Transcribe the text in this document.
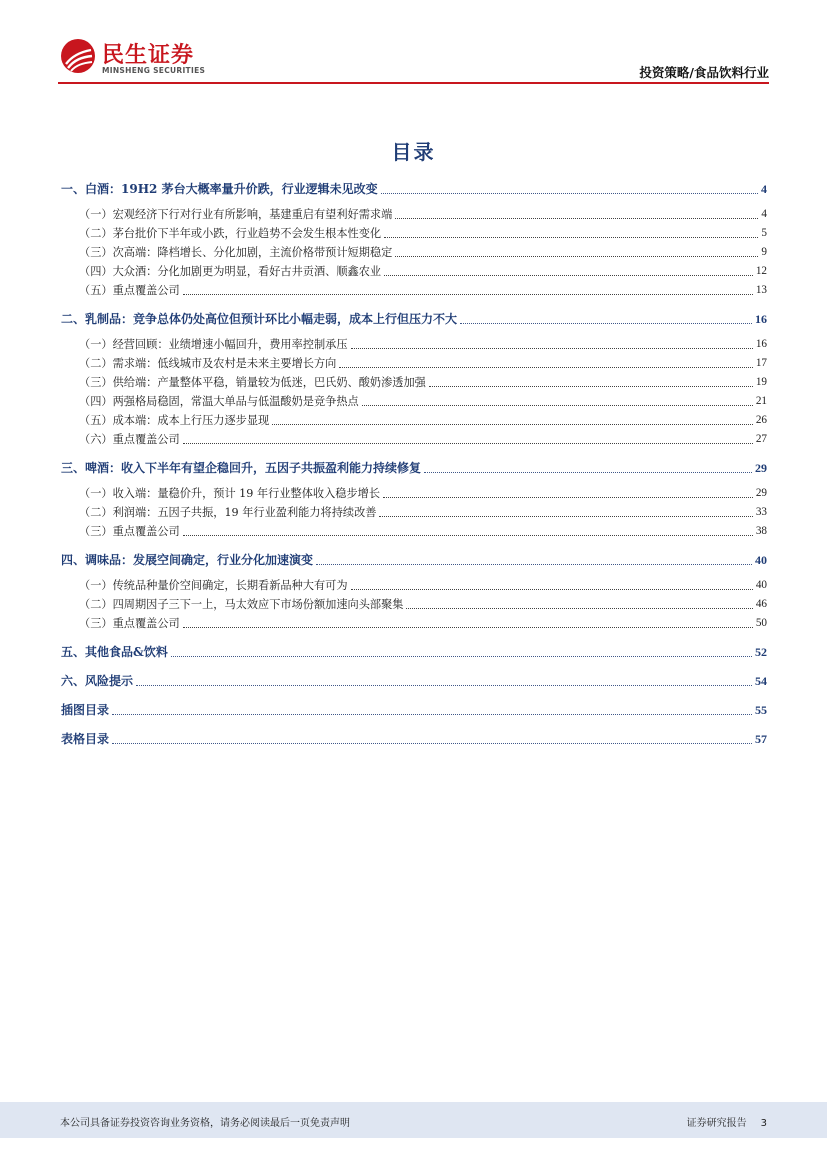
民生证券
MINSHENG SECURITIES	投资策略/食品饮料行业
目录
一、白酒：19H2 茅台大概率量升价跌，行业逻辑未见改变	4
（一）宏观经济下行对行业有所影响，基建重启有望利好需求端	4
（二）茅台批价下半年或小跌，行业趋势不会发生根本性变化	5
（三）次高端：降档增长、分化加剧，主流价格带预计短期稳定	9
（四）大众酒：分化加剧更为明显，看好古井贡酒、顺鑫农业	12
（五）重点覆盖公司	13
二、乳制品：竞争总体仍处高位但预计环比小幅走弱，成本上行但压力不大	16
（一）经营回顾：业绩增速小幅回升，费用率控制承压	16
（二）需求端：低线城市及农村是未来主要增长方向	17
（三）供给端：产量整体平稳，销量较为低迷，巴氏奶、酸奶渗透加强	19
（四）两强格局稳固，常温大单品与低温酸奶是竞争热点	21
（五）成本端：成本上行压力逐步显现	26
（六）重点覆盖公司	27
三、啤酒：收入下半年有望企稳回升，五因子共振盈利能力持续修复	29
（一）收入端：量稳价升，预计 19 年行业整体收入稳步增长	29
（二）利润端：五因子共振，19 年行业盈利能力将持续改善	33
（三）重点覆盖公司	38
四、调味品：发展空间确定，行业分化加速演变	40
（一）传统品种量价空间确定，长期看新品种大有可为	40
（二）四周期因子三下一上，马太效应下市场份额加速向头部聚集	46
（三）重点覆盖公司	50
五、其他食品&饮料	52
六、风险提示	54
插图目录	55
表格目录	57
本公司具备证券投资咨询业务资格，请务必阅读最后一页免责声明	证券研究报告 3
